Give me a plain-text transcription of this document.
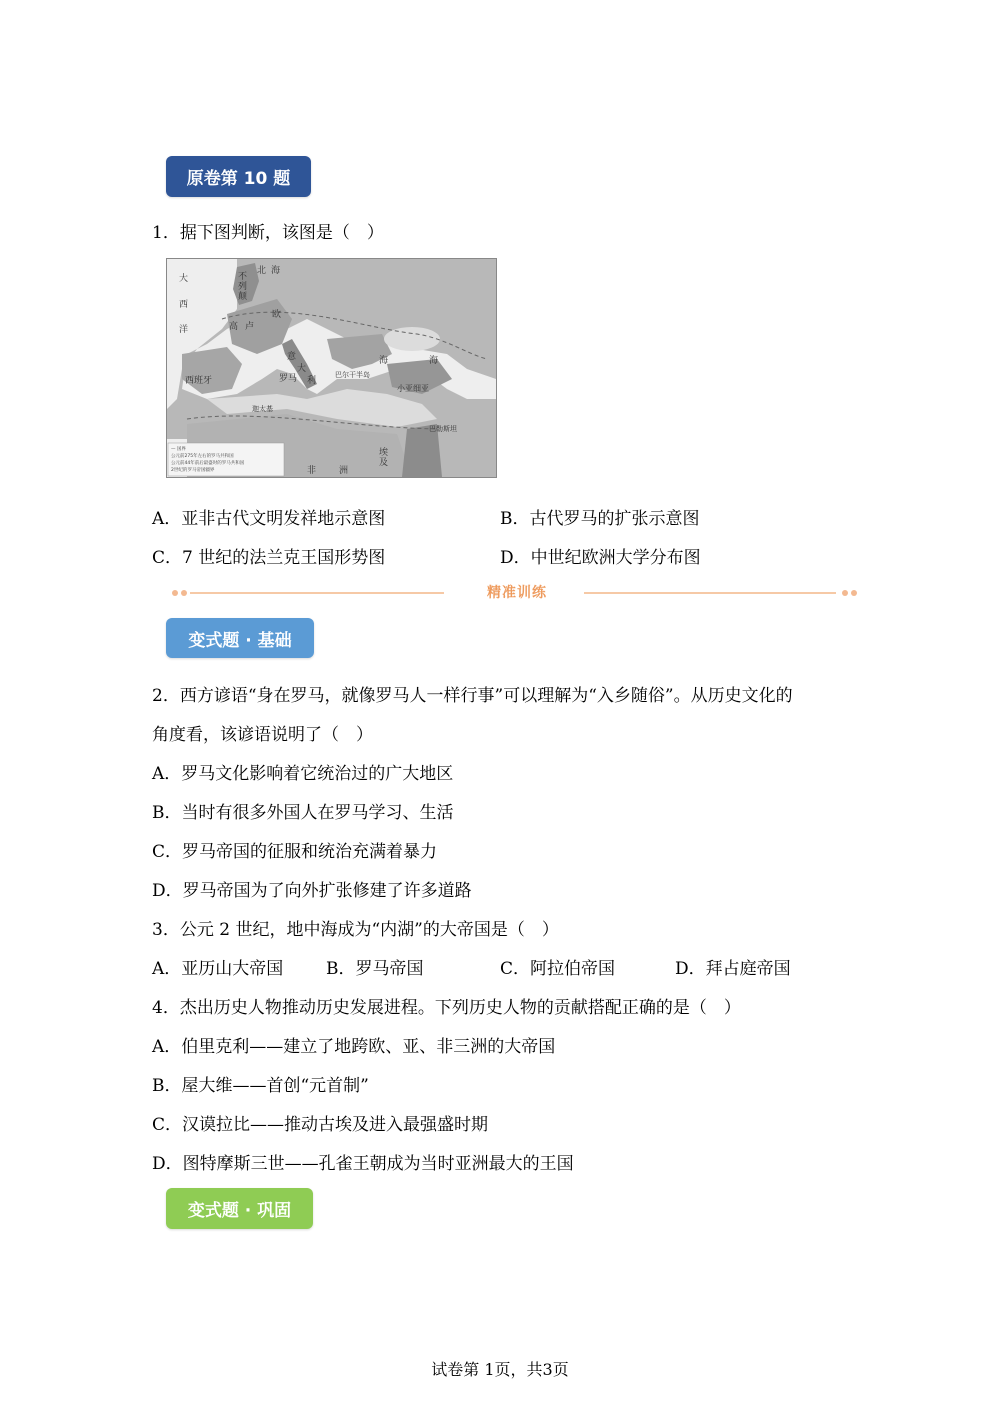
原卷第 10 题
1．据下图判断，该图是（　）
大
西
洋
北 海
不
列
颠
高 卢
欧
意
大
利
罗马
西班牙
迦太基
巴尔干半岛
小亚细亚
巴勒斯坦
埃
及
非	洲
海	海
— 国界
公元前275年左右的罗马共和国
公元前44年前后最盛时的罗马共和国
2世纪的罗马帝国疆界
A．亚非古代文明发祥地示意图	B．古代罗马的扩张示意图
C．7 世纪的法兰克王国形势图	D．中世纪欧洲大学分布图
精准训练
变式题 · 基础
2．西方谚语“身在罗马，就像罗马人一样行事”可以理解为“入乡随俗”。从历史文化的
角度看，该谚语说明了（　）
A．罗马文化影响着它统治过的广大地区
B．当时有很多外国人在罗马学习、生活
C．罗马帝国的征服和统治充满着暴力
D．罗马帝国为了向外扩张修建了许多道路
3．公元 2 世纪，地中海成为“内湖”的大帝国是（　）
A．亚历山大帝国	B．罗马帝国	C．阿拉伯帝国	D．拜占庭帝国
4．杰出历史人物推动历史发展进程。下列历史人物的贡献搭配正确的是（　）
A．伯里克利——建立了地跨欧、亚、非三洲的大帝国
B．屋大维——首创“元首制”
C．汉谟拉比——推动古埃及进入最强盛时期
D．图特摩斯三世——孔雀王朝成为当时亚洲最大的王国
变式题 · 巩固
试卷第 1页，共3页
